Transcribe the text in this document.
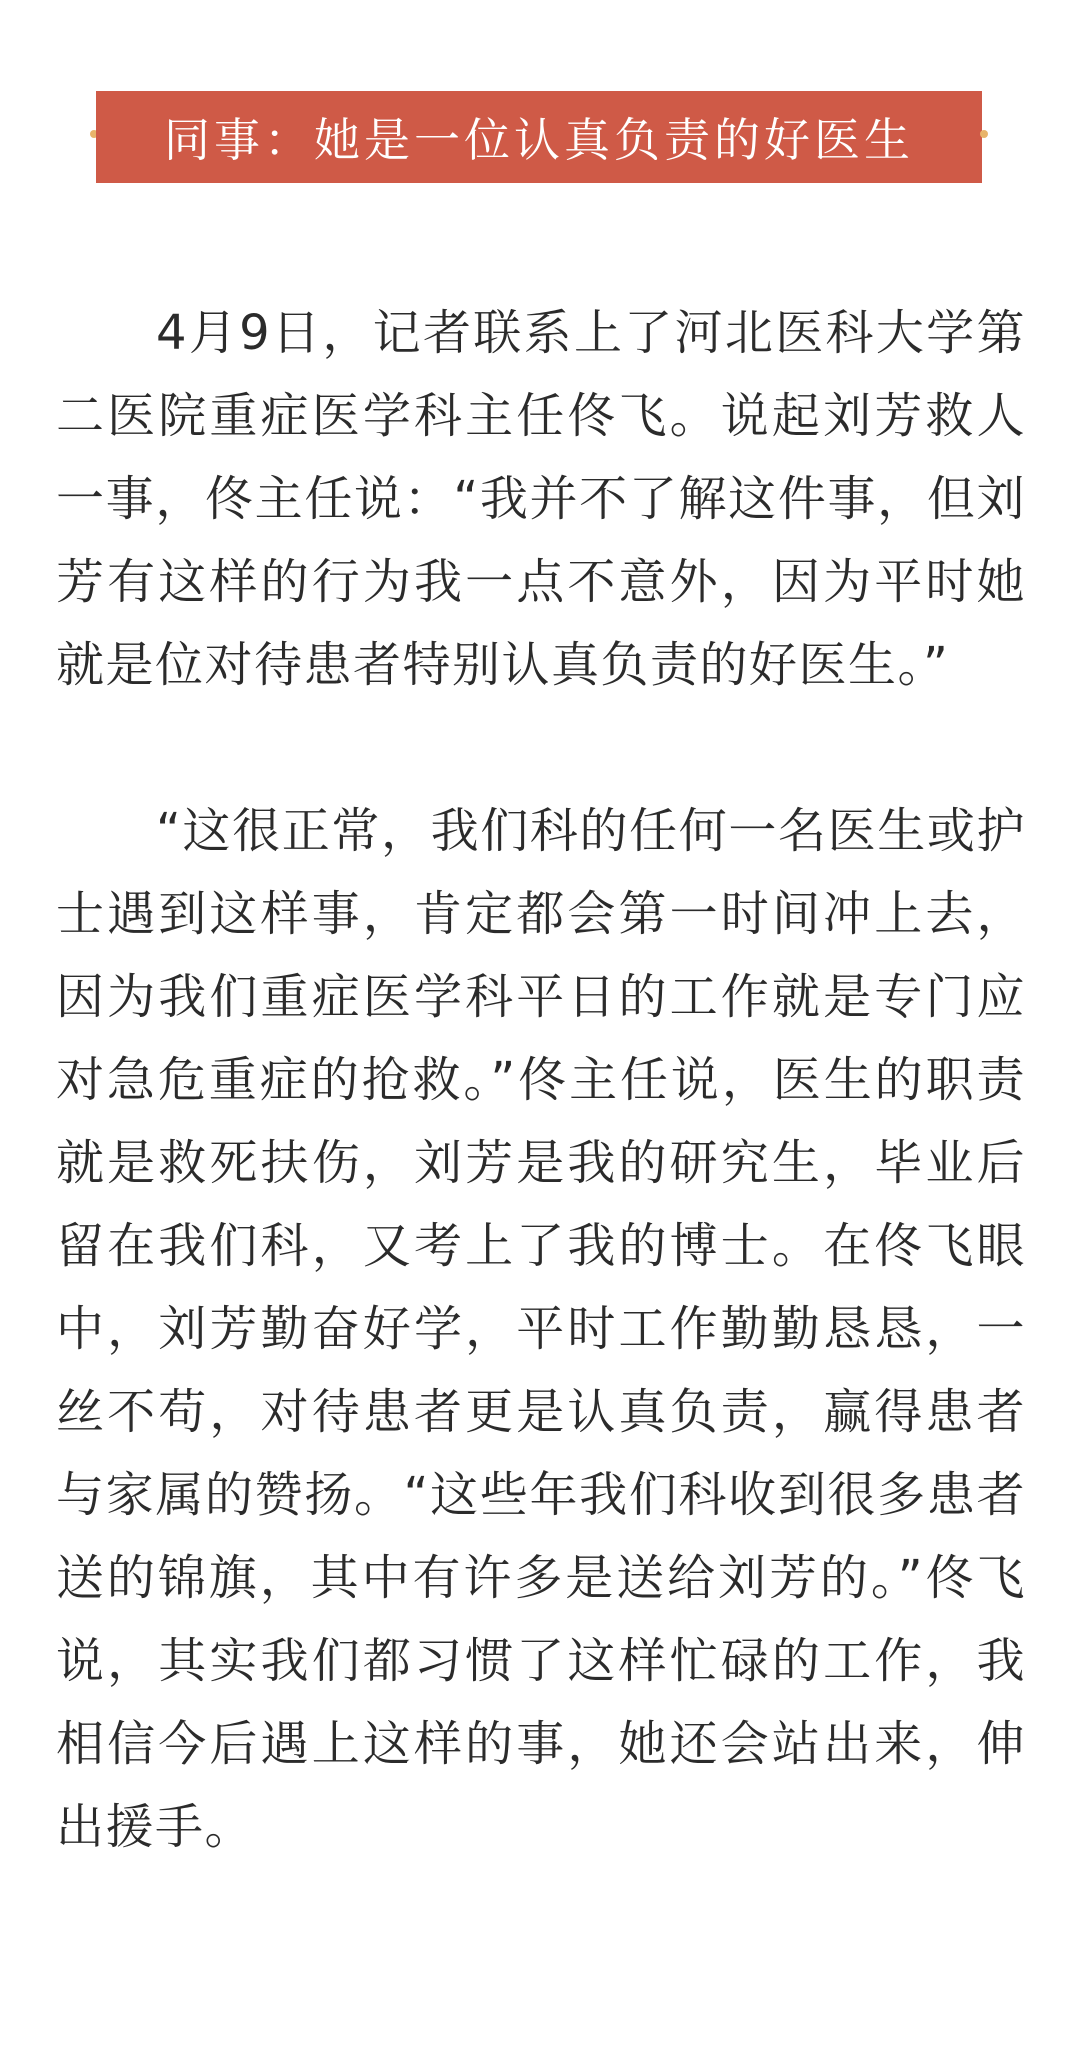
同事：她是一位认真负责的好医生

4月9日，记者联系上了河北医科大学第二医院重症医学科主任佟飞。说起刘芳救人一事，佟主任说：“我并不了解这件事，但刘芳有这样的行为我一点不意外，因为平时她就是位对待患者特别认真负责的好医生。”

“这很正常，我们科的任何一名医生或护士遇到这样事，肯定都会第一时间冲上去，因为我们重症医学科平日的工作就是专门应对急危重症的抢救。”佟主任说，医生的职责就是救死扶伤，刘芳是我的研究生，毕业后留在我们科，又考上了我的博士。在佟飞眼中，刘芳勤奋好学，平时工作勤勤恳恳，一丝不苟，对待患者更是认真负责，赢得患者与家属的赞扬。“这些年我们科收到很多患者送的锦旗，其中有许多是送给刘芳的。”佟飞说，其实我们都习惯了这样忙碌的工作，我相信今后遇上这样的事，她还会站出来，伸出援手。
